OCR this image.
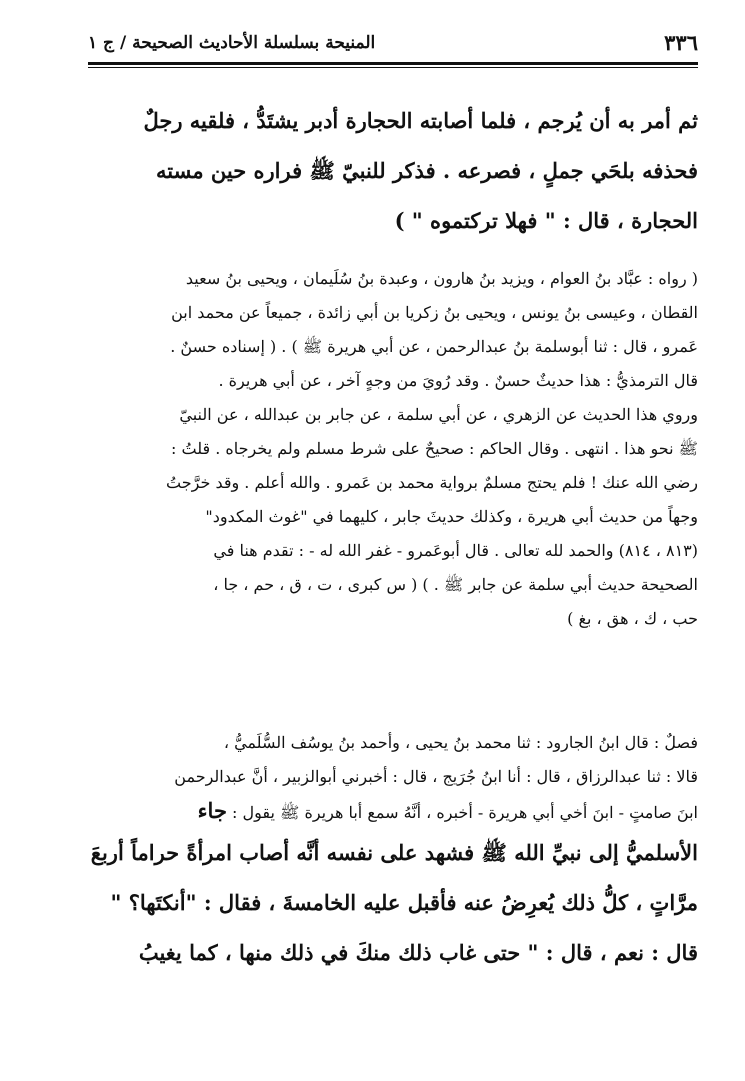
٣٣٦
المنيحة بسلسلة الأحاديث الصحيحة / ج ١
ثم أمر به أن يُرجم ، فلما أصابته الحجارة أدبر يشتَدُّ ، فلقيه رجلٌ
فحذفه بلحَي جملٍ ، فصرعه . فذكر للنبيّ ﷺ فراره حين مسته
الحجارة ، قال : " فهلا تركتموه " )
( رواه : عبَّاد بنُ العوام ، ويزيد بنُ هارون ، وعبدة بنُ سُلَيمان ، ويحيى بنُ سعيد
القطان ، وعيسى بنُ يونس ، ويحيى بنُ زكريا بن أبي زائدة ، جميعاً عن محمد ابن
عَمرو ، قال : ثنا أبوسلمة بنُ عبدالرحمن ، عن أبي هريرة ﷺ ) . ( إسناده حسنٌ .
قال الترمذيُّ : هذا حديثٌ حسنٌ . وقد رُويَ من وجهٍ آخر ، عن أبي هريرة .
وروي هذا الحديث عن الزهري ، عن أبي سلمة ، عن جابر بن عبدالله ، عن النبيّ
ﷺ نحو هذا . انتهى . وقال الحاكم : صحيحٌ على شرط مسلم ولم يخرجاه . قلتُ :
رضي الله عنك ! فلم يحتج مسلمٌ برواية محمد بن عَمرو . والله أعلم . وقد خرَّجتُ
وجهاً من حديث أبي هريرة ، وكذلك حديثَ جابر ، كليهما في "غوث المكدود"
(٨١٣ ، ٨١٤) والحمد لله تعالى . قال أبوعَمرو - غفر الله له - : تقدم هنا في
الصحيحة حديث أبي سلمة عن جابر ﷺ . ) ( س كبرى ، ت ، ق ، حم ، جا ،
حب ، ك ، هق ، بغ )
فصلٌ : قال ابنُ الجارود : ثنا محمد بنُ يحيى ، وأحمد بنُ يوسُف السُّلَميُّ ،
قالا : ثنا عبدالرزاق ، قال : أنا ابنُ جُرَيج ، قال : أخبرني أبوالزبير ، أنَّ عبدالرحمن
ابنَ صامتٍ - ابنَ أخي أبي هريرة - أخبره ، أنَّهُ سمع أبا هريرة ﷺ يقول : جاء
الأسلميُّ إلى نبيِّ الله ﷺ فشهد على نفسه أنَّه أصاب امرأةً حراماً أربعَ
مرَّاتٍ ، كلُّ ذلك يُعرِضُ عنه فأقبل عليه الخامسةَ ، فقال : "أنكتَها؟ "
قال : نعم ، قال : " حتى غاب ذلك منكَ في ذلك منها ، كما يغيبُ
